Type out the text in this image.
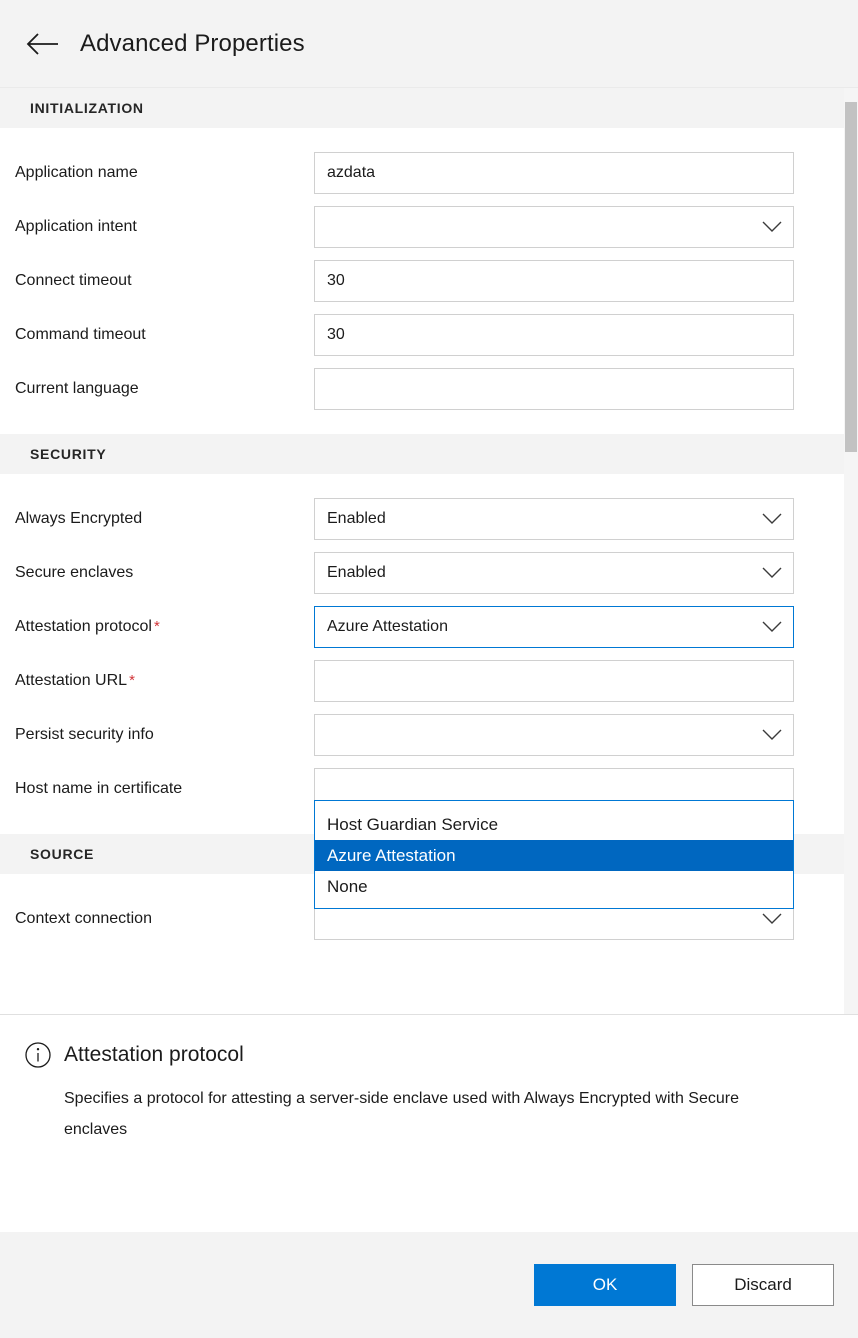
Advanced Properties
INITIALIZATION
Application name	azdata
Application intent
Connect timeout	30
Command timeout	30
Current language
SECURITY
Always Encrypted	Enabled
Secure enclaves	Enabled
Attestation protocol *	Azure Attestation
Attestation URL *
Persist security info
Host name in certificate
SOURCE
Context connection
Host Guardian Service
Azure Attestation
None
Attestation protocol
Specifies a protocol for attesting a server-side enclave used with Always Encrypted with Secure enclaves
OK	Discard
